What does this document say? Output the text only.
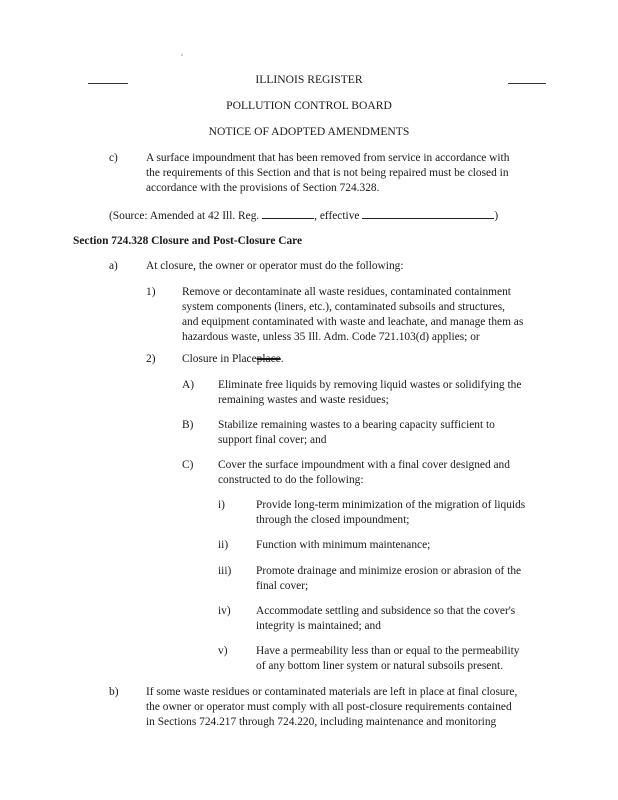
ILLINOIS REGISTER
POLLUTION CONTROL BOARD
NOTICE OF ADOPTED AMENDMENTS
c) A surface impoundment that has been removed from service in accordance with
the requirements of this Section and that is not being repaired must be closed in
accordance with the provisions of Section 724.328.
(Source: Amended at 42 Ill. Reg.	, effective	)
Section 724.328 Closure and Post-Closure Care
a) At closure, the owner or operator must do the following:
1) Remove or decontaminate all waste residues, contaminated containment
system components (liners, etc.), contaminated subsoils and structures,
and equipment contaminated with waste and leachate, and manage them as
hazardous waste, unless 35 Ill. Adm. Code 721.103(d) applies; or
2) Closure in Placeplace.
A) Eliminate free liquids by removing liquid wastes or solidifying the
remaining wastes and waste residues;
B) Stabilize remaining wastes to a bearing capacity sufficient to
support final cover; and
C) Cover the surface impoundment with a final cover designed and
constructed to do the following:
i)	Provide long-term minimization of the migration of liquids
through the closed impoundment;
ii) Function with minimum maintenance;
iii) Promote drainage and minimize erosion or abrasion of the
final cover;
iv) Accommodate settling and subsidence so that the cover's
integrity is maintained; and
v)	Have a permeability less than or equal to the permeability
of any bottom liner system or natural subsoils present.
b) If some waste residues or contaminated materials are left in place at final closure,
the owner or operator must comply with all post-closure requirements contained
in Sections 724.217 through 724.220, including maintenance and monitoring
